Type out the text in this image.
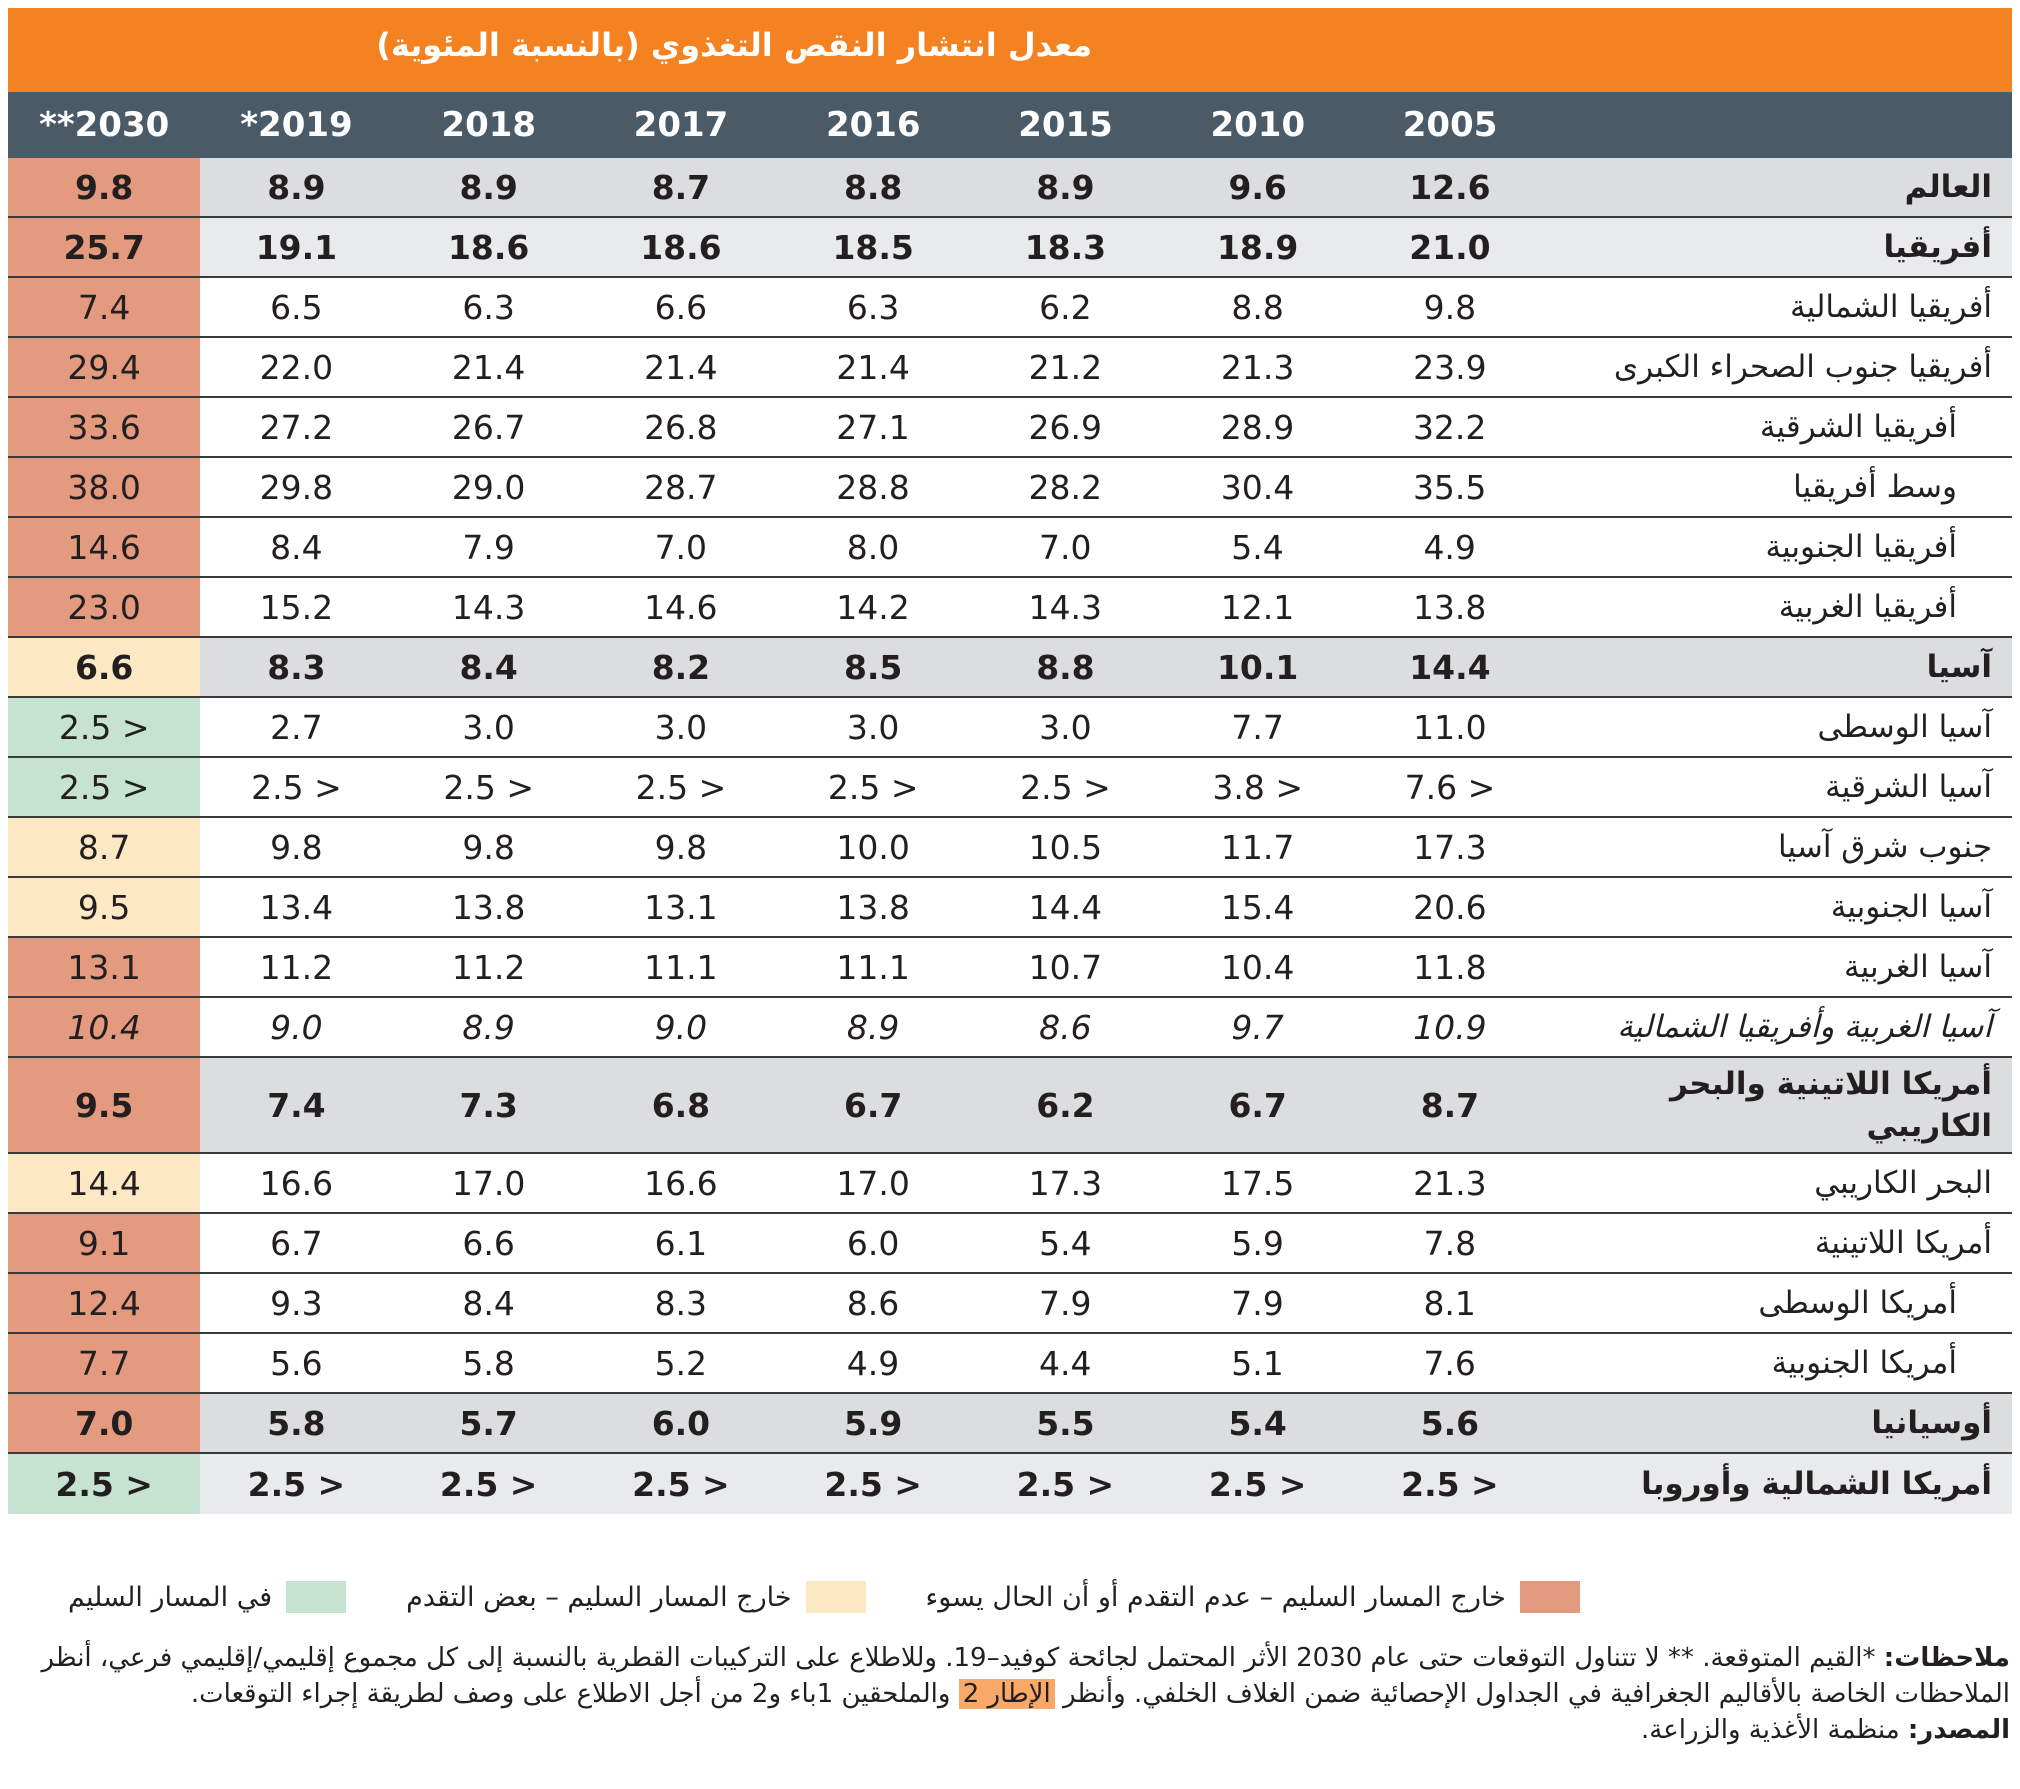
معدل انتشار النقص التغذوي (بالنسبة المئوية)
2005
2010
2015
2016
2017
2018
*2019
**2030
العالم
12.6
9.6
8.9
8.8
8.7
8.9
8.9
9.8
أفريقيا
21.0
18.9
18.3
18.5
18.6
18.6
19.1
25.7
أفريقيا الشمالية
9.8
8.8
6.2
6.3
6.6
6.3
6.5
7.4
أفريقيا جنوب الصحراء الكبرى
23.9
21.3
21.2
21.4
21.4
21.4
22.0
29.4
أفريقيا الشرقية
32.2
28.9
26.9
27.1
26.8
26.7
27.2
33.6
وسط أفريقيا
35.5
30.4
28.2
28.8
28.7
29.0
29.8
38.0
أفريقيا الجنوبية
4.9
5.4
7.0
8.0
7.0
7.9
8.4
14.6
أفريقيا الغربية
13.8
12.1
14.3
14.2
14.6
14.3
15.2
23.0
آسيا
14.4
10.1
8.8
8.5
8.2
8.4
8.3
6.6
آسيا الوسطى
11.0
7.7
3.0
3.0
3.0
3.0
2.7
2.5 >
آسيا الشرقية
7.6 >
3.8 >
2.5 >
2.5 >
2.5 >
2.5 >
2.5 >
2.5 >
جنوب شرق آسيا
17.3
11.7
10.5
10.0
9.8
9.8
9.8
8.7
آسيا الجنوبية
20.6
15.4
14.4
13.8
13.1
13.8
13.4
9.5
آسيا الغربية
11.8
10.4
10.7
11.1
11.1
11.2
11.2
13.1
آسيا الغربية وأفريقيا الشمالية
10.9
9.7
8.6
8.9
9.0
8.9
9.0
10.4
أمريكا اللاتينية والبحر الكاريبي
8.7
6.7
6.2
6.7
6.8
7.3
7.4
9.5
البحر الكاريبي
21.3
17.5
17.3
17.0
16.6
17.0
16.6
14.4
أمريكا اللاتينية
7.8
5.9
5.4
6.0
6.1
6.6
6.7
9.1
أمريكا الوسطى
8.1
7.9
7.9
8.6
8.3
8.4
9.3
12.4
أمريكا الجنوبية
7.6
5.1
4.4
4.9
5.2
5.8
5.6
7.7
أوسيانيا
5.6
5.4
5.5
5.9
6.0
5.7
5.8
7.0
أمريكا الشمالية وأوروبا
2.5 >
2.5 >
2.5 >
2.5 >
2.5 >
2.5 >
2.5 >
2.5 >
في المسار السليم	خارج المسار السليم – بعض التقدم	خارج المسار السليم – عدم التقدم أو أن الحال يسوء
ملاحظات: *القيم المتوقعة. ** لا تتناول التوقعات حتى عام 2030 الأثر المحتمل لجائحة كوفيد–19. وللاطلاع على التركيبات القطرية بالنسبة إلى كل مجموع إقليمي/إقليمي فرعي، أنظر الملاحظات الخاصة بالأقاليم الجغرافية في الجداول الإحصائية ضمن الغلاف الخلفي. وأنظر الإطار 2 والملحقين 1باء و2 من أجل الاطلاع على وصف لطريقة إجراء التوقعات.
المصدر: منظمة الأغذية والزراعة.
